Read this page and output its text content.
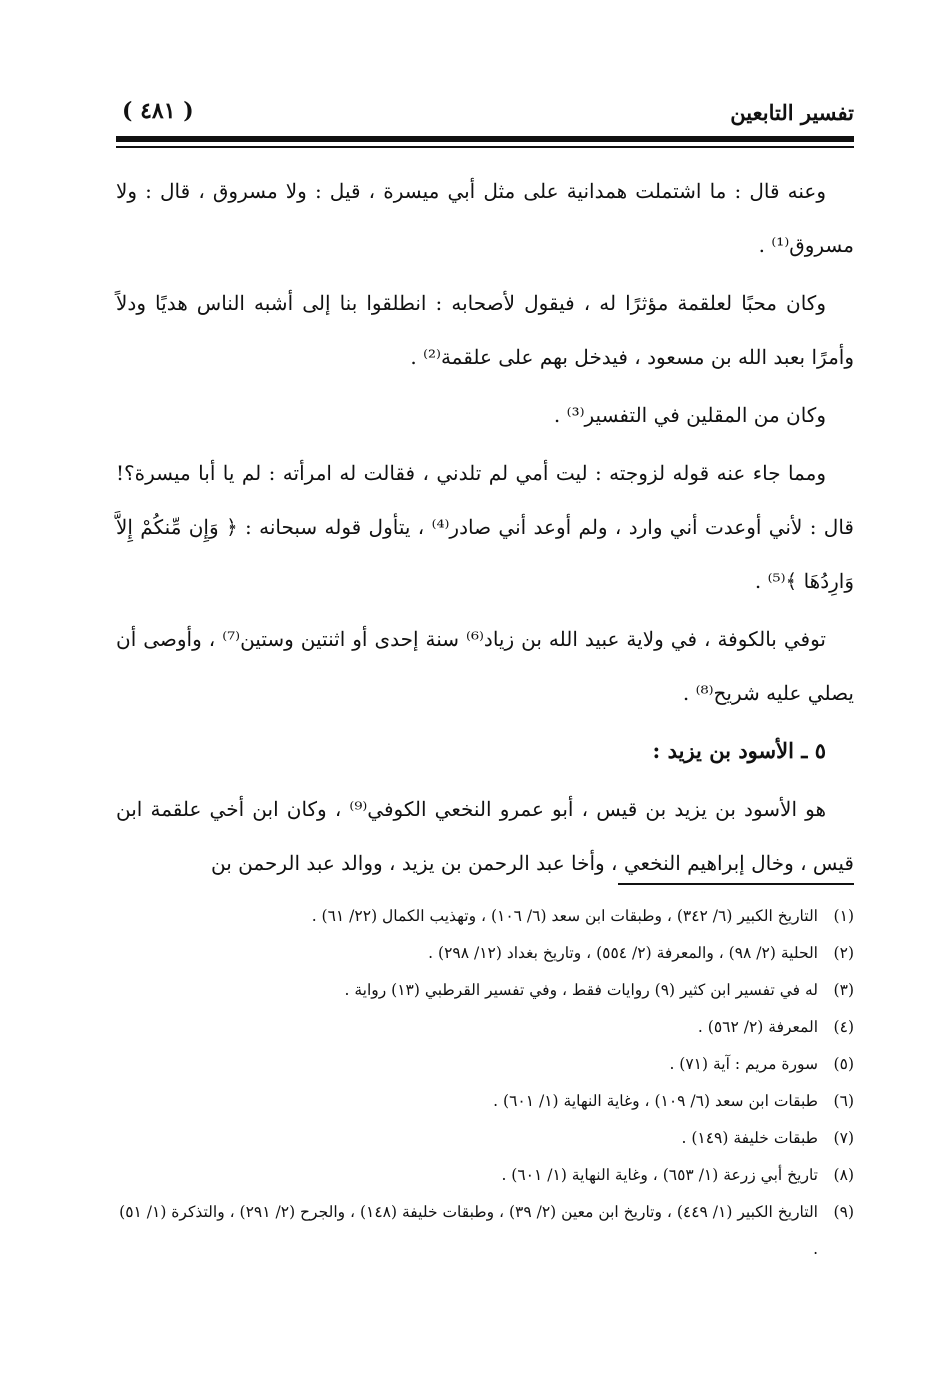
تفسير التابعين
( ٤٨١ )

وعنه قال : ما اشتملت همدانية على مثل أبي ميسرة ، قيل : ولا مسروق ، قال : ولا مسروق⁽¹⁾ .

وكان محبًا لعلقمة مؤثرًا له ، فيقول لأصحابه : انطلقوا بنا إلى أشبه الناس هديًا ودلاً وأمرًا بعبد الله بن مسعود ، فيدخل بهم على علقمة⁽²⁾ .

وكان من المقلين في التفسير⁽³⁾ .

ومما جاء عنه قوله لزوجته : ليت أمي لم تلدني ، فقالت له امرأته : لم يا أبا ميسرة؟! قال : لأني أوعدت أني وارد ، ولم أوعد أني صادر⁽⁴⁾ ، يتأول قوله سبحانه : ﴿ وَإِن مِّنكُمْ إِلاَّ وَارِدُهَا ﴾⁽⁵⁾ .

توفي بالكوفة ، في ولاية عبيد الله بن زياد⁽⁶⁾ سنة إحدى أو اثنتين وستين⁽⁷⁾ ، وأوصى أن يصلي عليه شريح⁽⁸⁾ .

٥ ـ الأسود بن يزيد :

هو الأسود بن يزيد بن قيس ، أبو عمرو النخعي الكوفي⁽⁹⁾ ، وكان ابن أخي علقمة ابن قيس ، وخال إبراهيم النخعي ، وأخا عبد الرحمن بن يزيد ، ووالد عبد الرحمن بن

(١)
التاريخ الكبير (٦/ ٣٤٢) ، وطبقات ابن سعد (٦/ ١٠٦) ، وتهذيب الكمال (٢٢/ ٦١) .
(٢)
الحلية (٢/ ٩٨) ، والمعرفة (٢/ ٥٥٤) ، وتاريخ بغداد (١٢/ ٢٩٨) .
(٣)
له في تفسير ابن كثير (٩) روايات فقط ، وفي تفسير القرطبي (١٣) رواية .
(٤)
المعرفة (٢/ ٥٦٢) .
(٥)
سورة مريم : آية (٧١) .
(٦)
طبقات ابن سعد (٦/ ١٠٩) ، وغاية النهاية (١/ ٦٠١) .
(٧)
طبقات خليفة (١٤٩) .
(٨)
تاريخ أبي زرعة (١/ ٦٥٣) ، وغاية النهاية (١/ ٦٠١) .
(٩)
التاريخ الكبير (١/ ٤٤٩) ، وتاريخ ابن معين (٢/ ٣٩) ، وطبقات خليفة (١٤٨) ، والجرح (٢/ ٢٩١) ، والتذكرة (١/ ٥١) .
